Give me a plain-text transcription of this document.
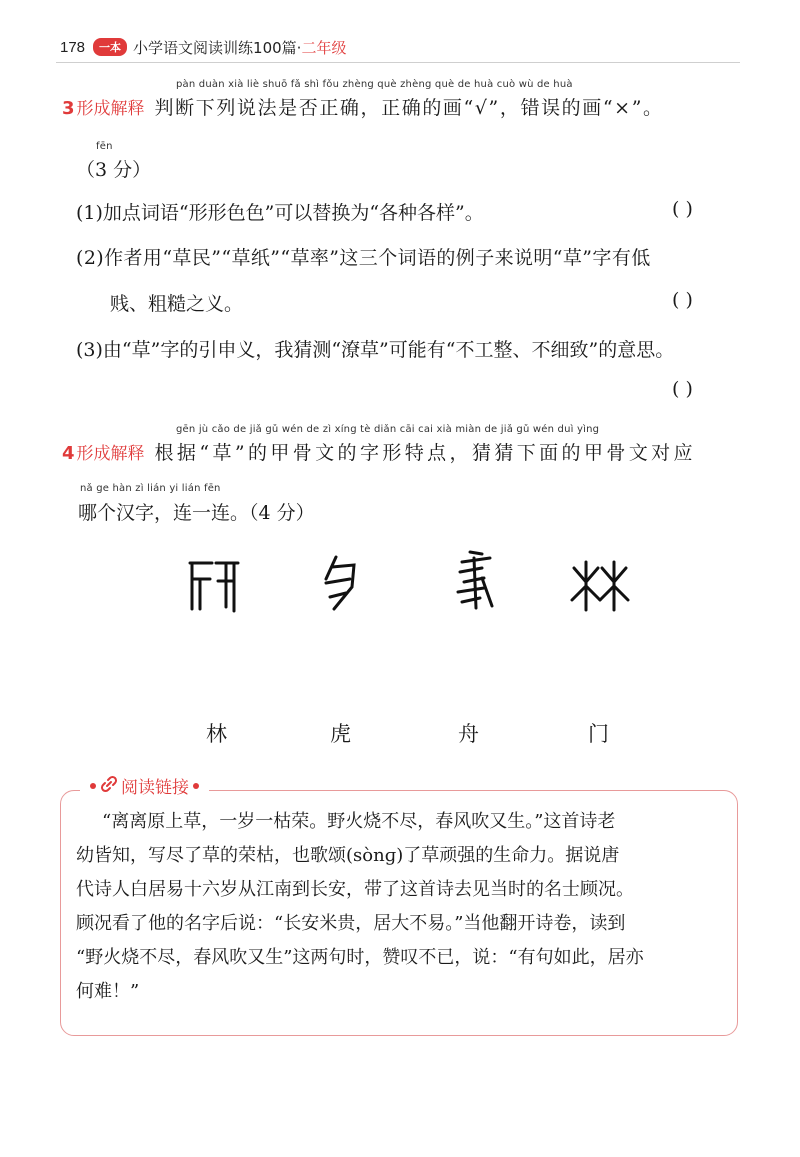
178	一本 小学语文阅读训练100篇· 二年级
pàn duàn xià liè shuō fǎ shì fǒu zhèng què zhèng què de huà cuò wù de huà
3 形成解释 判断下列说法是否正确，正确的画“√”，错误的画“×”。
fēn
（3 分）
(1)加点词语“形形色色”可以替换为“各种各样”。	( )
(2)作者用“草民”“草纸”“草率”这三个词语的例子来说明“草”字有低
贱、粗糙之义。	( )
(3)由“草”字的引申义，我猜测“潦草”可能有“不工整、不细致”的意思。
( )
gēn jù cǎo de jiǎ gǔ wén de zì xíng tè diǎn cāi cai xià miàn de jiǎ gǔ wén duì yìng
4 形成解释 根据“草”的甲骨文的字形特点，猜猜下面的甲骨文对应
nǎ ge hàn zì lián yi lián fēn
哪个汉字，连一连。（4 分）
林	虎	舟	门
阅读链接

“离离原上草，一岁一枯荣。野火烧不尽，春风吹又生。”这首诗老

幼皆知，写尽了草的荣枯，也歌颂(sònɡ)了草顽强的生命力。据说唐

代诗人白居易十六岁从江南到长安，带了这首诗去见当时的名士顾况。

顾况看了他的名字后说：“长安米贵，居大不易。”当他翻开诗卷，读到

“野火烧不尽，春风吹又生”这两句时，赞叹不已，说：“有句如此，居亦

何难！”
